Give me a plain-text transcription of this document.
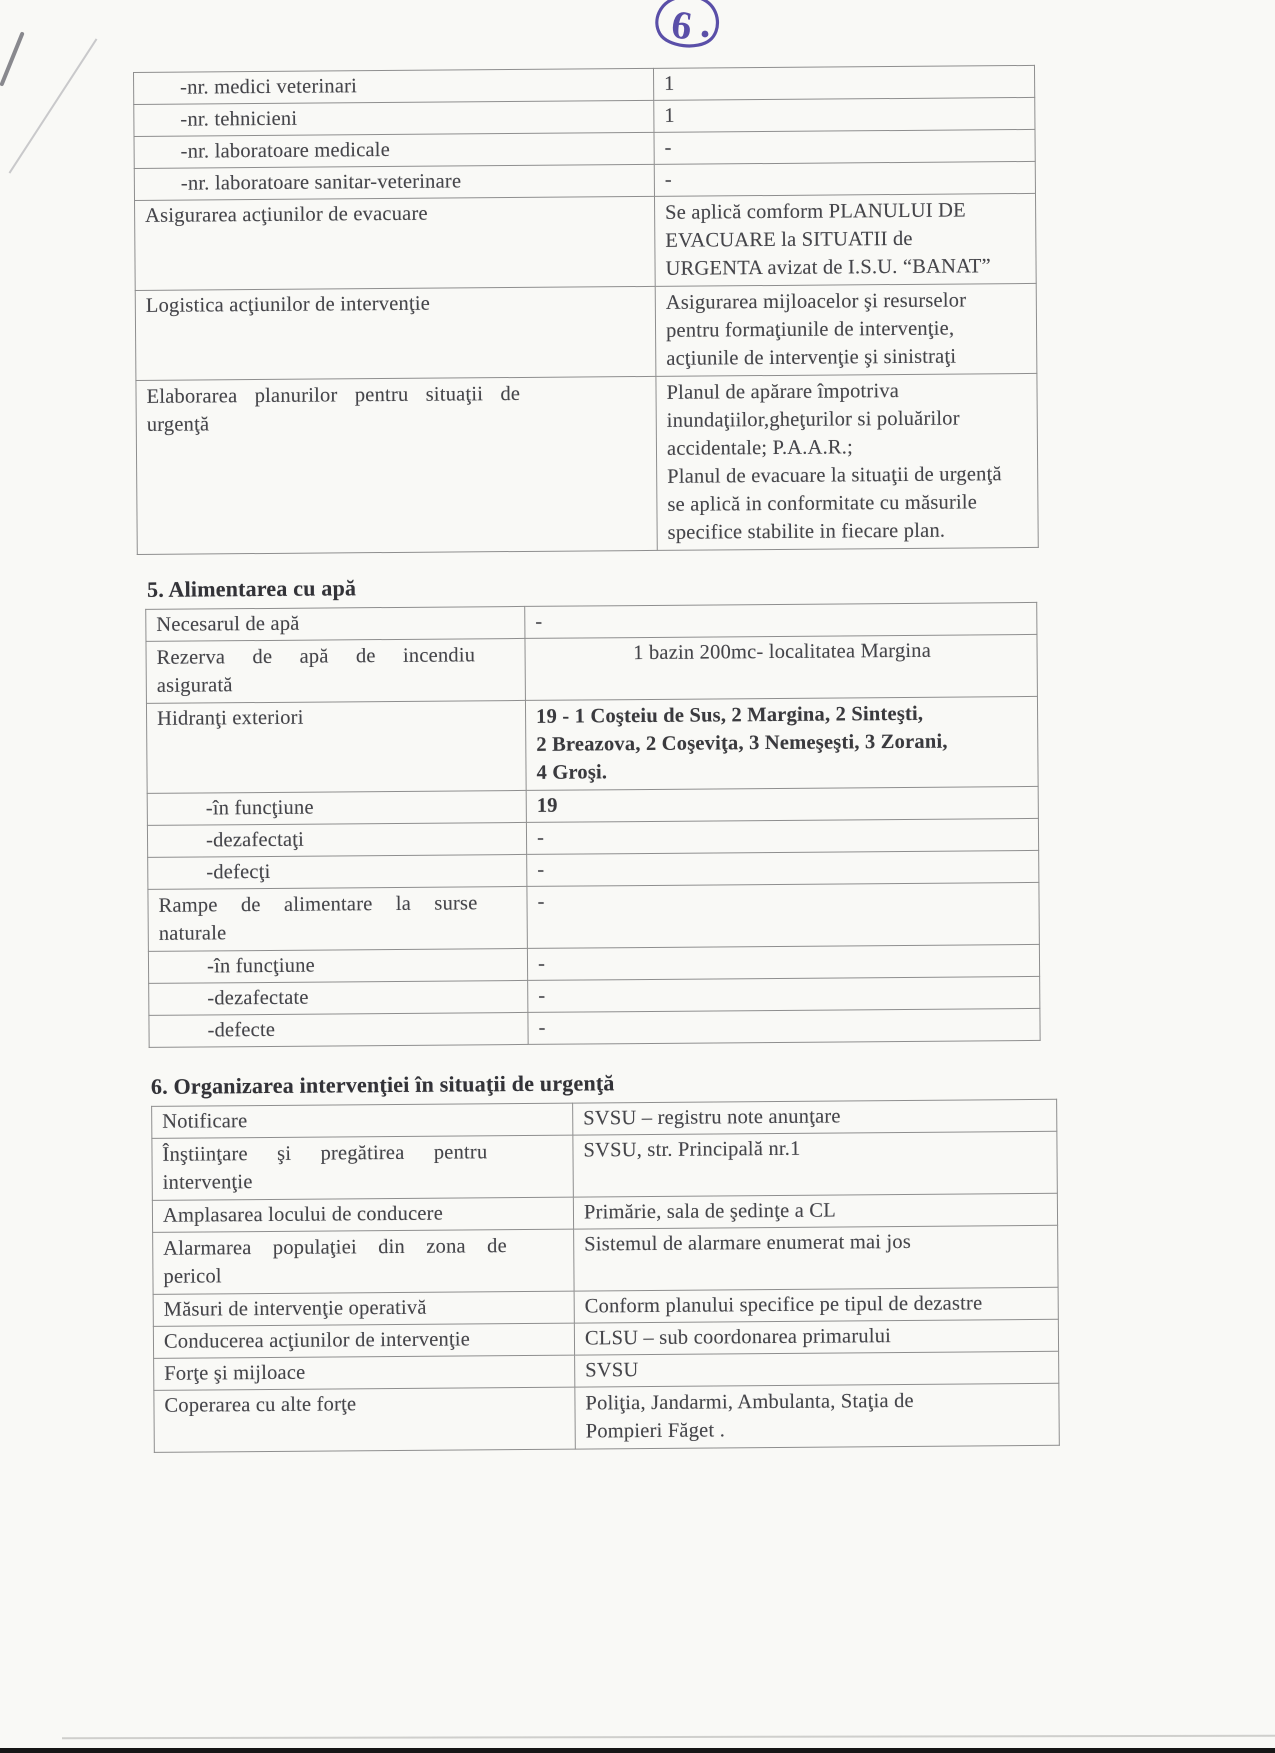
6
-nr. medici veterinari	1
-nr. tehnicieni	1
-nr. laboratoare medicale	-
-nr. laboratoare sanitar-veterinare	-
Asigurarea acţiunilor de evacuare	Se aplică comform PLANULUI DE
EVACUARE la SITUATII de
URGENTA avizat de I.S.U. “BANAT”
Logistica acţiunilor de intervenţie	Asigurarea mijloacelor şi resurselor
pentru formaţiunile de intervenţie,
acţiunile de intervenţie şi sinistraţi
Elaborarea planurilor pentru situaţii de
urgenţă	Planul de apărare împotriva
inundaţiilor,gheţurilor si poluărilor
accidentale; P.A.A.R.;
Planul de evacuare la situaţii de urgenţă
se aplică in conformitate cu măsurile
specifice stabilite in fiecare plan.
5. Alimentarea cu apă
Necesarul de apă	-
Rezerva de apă de incendiu
asigurată	1 bazin 200mc- localitatea Margina
Hidranţi exteriori	19 - 1 Coşteiu de Sus, 2 Margina, 2 Sinteşti,
2 Breazova, 2 Coşeviţa, 3 Nemeşeşti, 3 Zorani,
4 Groşi.
-în funcţiune	19
-dezafectaţi	-
-defecţi	-
Rampe de alimentare la surse
naturale	-
-în funcţiune	-
-dezafectate	-
-defecte	-
6. Organizarea intervenţiei în situaţii de urgenţă
Notificare	SVSU – registru note anunţare
Înştiinţare şi pregătirea pentru
intervenţie	SVSU, str. Principală nr.1
Amplasarea locului de conducere	Primărie, sala de şedinţe a CL
Alarmarea populaţiei din zona de
pericol	Sistemul de alarmare enumerat mai jos
Măsuri de intervenţie operativă	Conform planului specifice pe tipul de dezastre
Conducerea acţiunilor de intervenţie	CLSU – sub coordonarea primarului
Forţe şi mijloace	SVSU
Coperarea cu alte forţe	Poliţia, Jandarmi, Ambulanta, Staţia de
Pompieri Făget .
